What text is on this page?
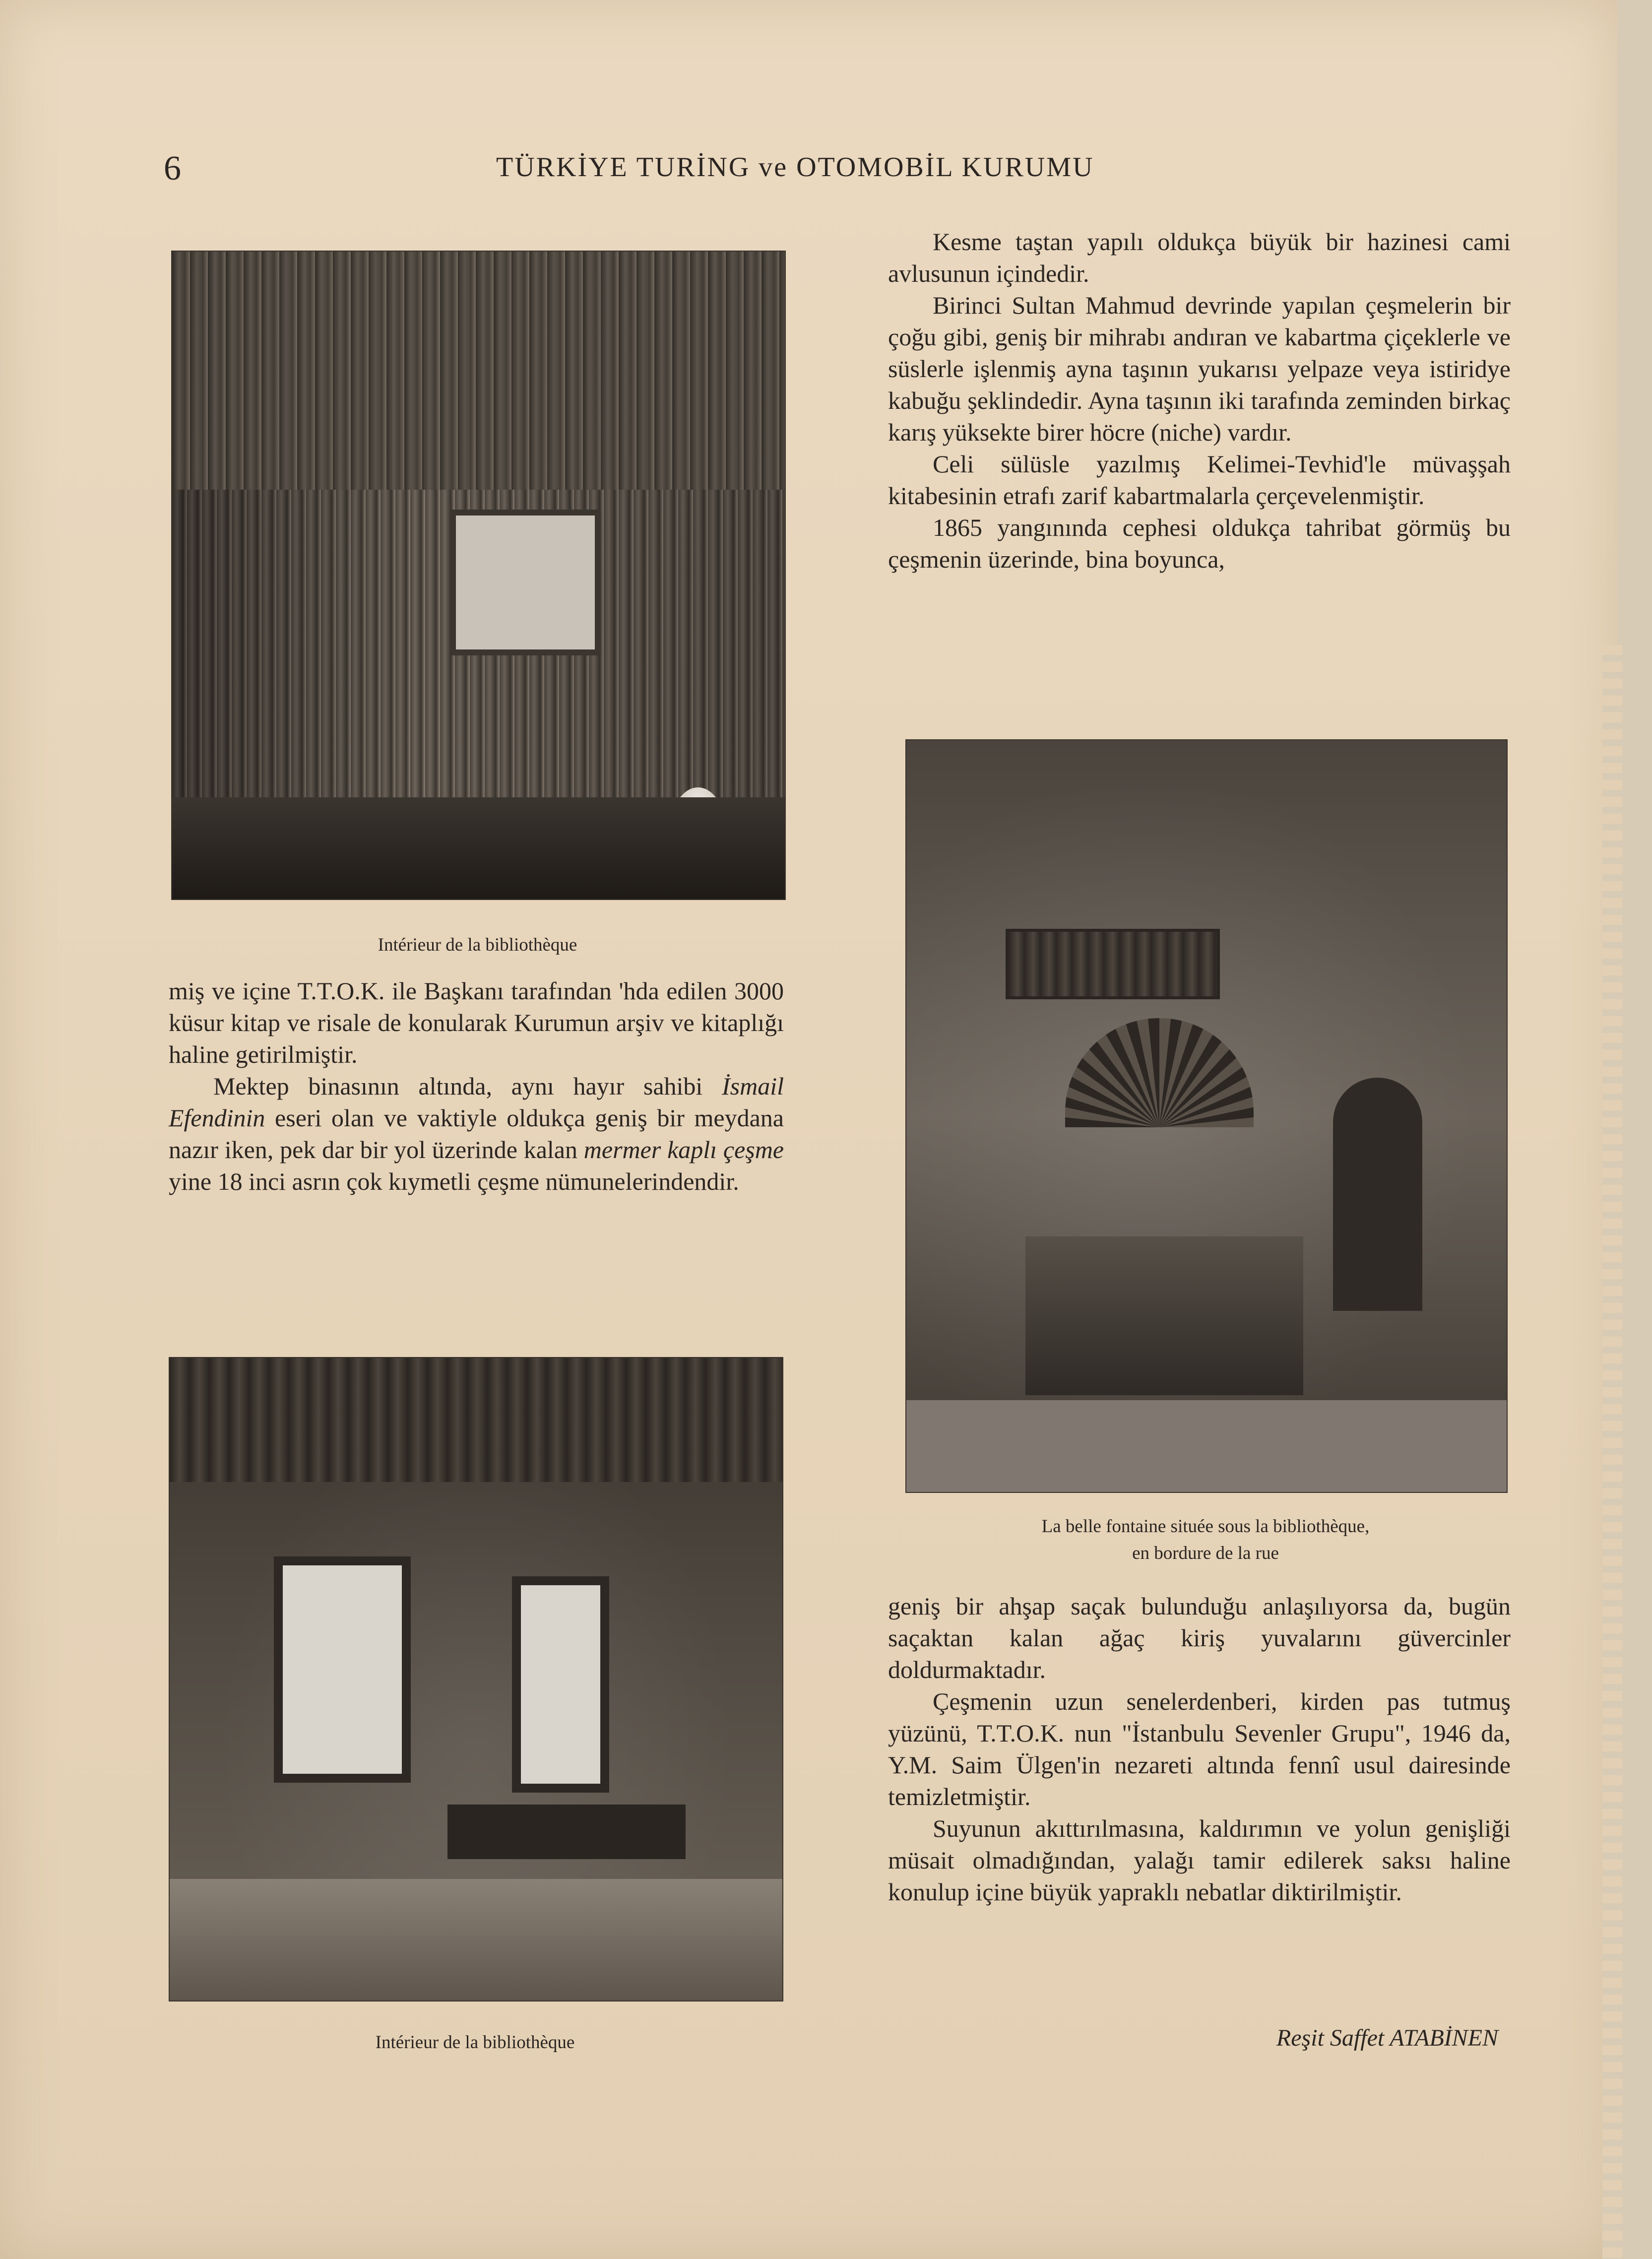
6	TÜRKİYE TURİNG ve OTOMOBİL KURUMU
Intérieur de la bibliothèque

miş ve içine T.T.O.K. ile Başkanı tarafından 'hda edilen 3000 küsur kitap ve risale de konularak Kurumun arşiv ve kitaplığı haline getirilmiştir.

Mektep binasının altında, aynı hayır sahibi İsmail Efendinin eseri olan ve vaktiyle oldukça geniş bir meydana nazır iken, pek dar bir yol üzerinde kalan mermer kaplı çeşme yine 18 inci asrın çok kıymetli çeşme nümunelerindendir.

Intérieur de la bibliothèque

Kesme taştan yapılı oldukça büyük bir hazinesi cami avlusunun içindedir.

Birinci Sultan Mahmud devrinde yapılan çeşmelerin bir çoğu gibi, geniş bir mihrabı andıran ve kabartma çiçeklerle ve süslerle işlenmiş ayna taşının yukarısı yelpaze veya istiridye kabuğu şeklindedir. Ayna taşının iki tarafında zeminden birkaç karış yüksekte birer höcre (niche) vardır.

Celi sülüsle yazılmış Kelimei-Tevhid'le müvaşşah kitabesinin etrafı zarif kabartmalarla çerçevelenmiştir.

1865 yangınında cephesi oldukça tahribat görmüş bu çeşmenin üzerinde, bina boyunca,

La belle fontaine située sous la bibliothèque,
en bordure de la rue

geniş bir ahşap saçak bulunduğu anlaşılıyorsa da, bugün saçaktan kalan ağaç kiriş yuvalarını güvercinler doldurmaktadır.

Çeşmenin uzun senelerdenberi, kirden pas tutmuş yüzünü, T.T.O.K. nun "İstanbulu Sevenler Grupu", 1946 da, Y.M. Saim Ülgen'in nezareti altında fennî usul dairesinde temizletmiştir.

Suyunun akıttırılmasına, kaldırımın ve yolun genişliği müsait olmadığından, yalağı tamir edilerek saksı haline konulup içine büyük yapraklı nebatlar diktirilmiştir.

Reşit Saffet ATABİNEN
